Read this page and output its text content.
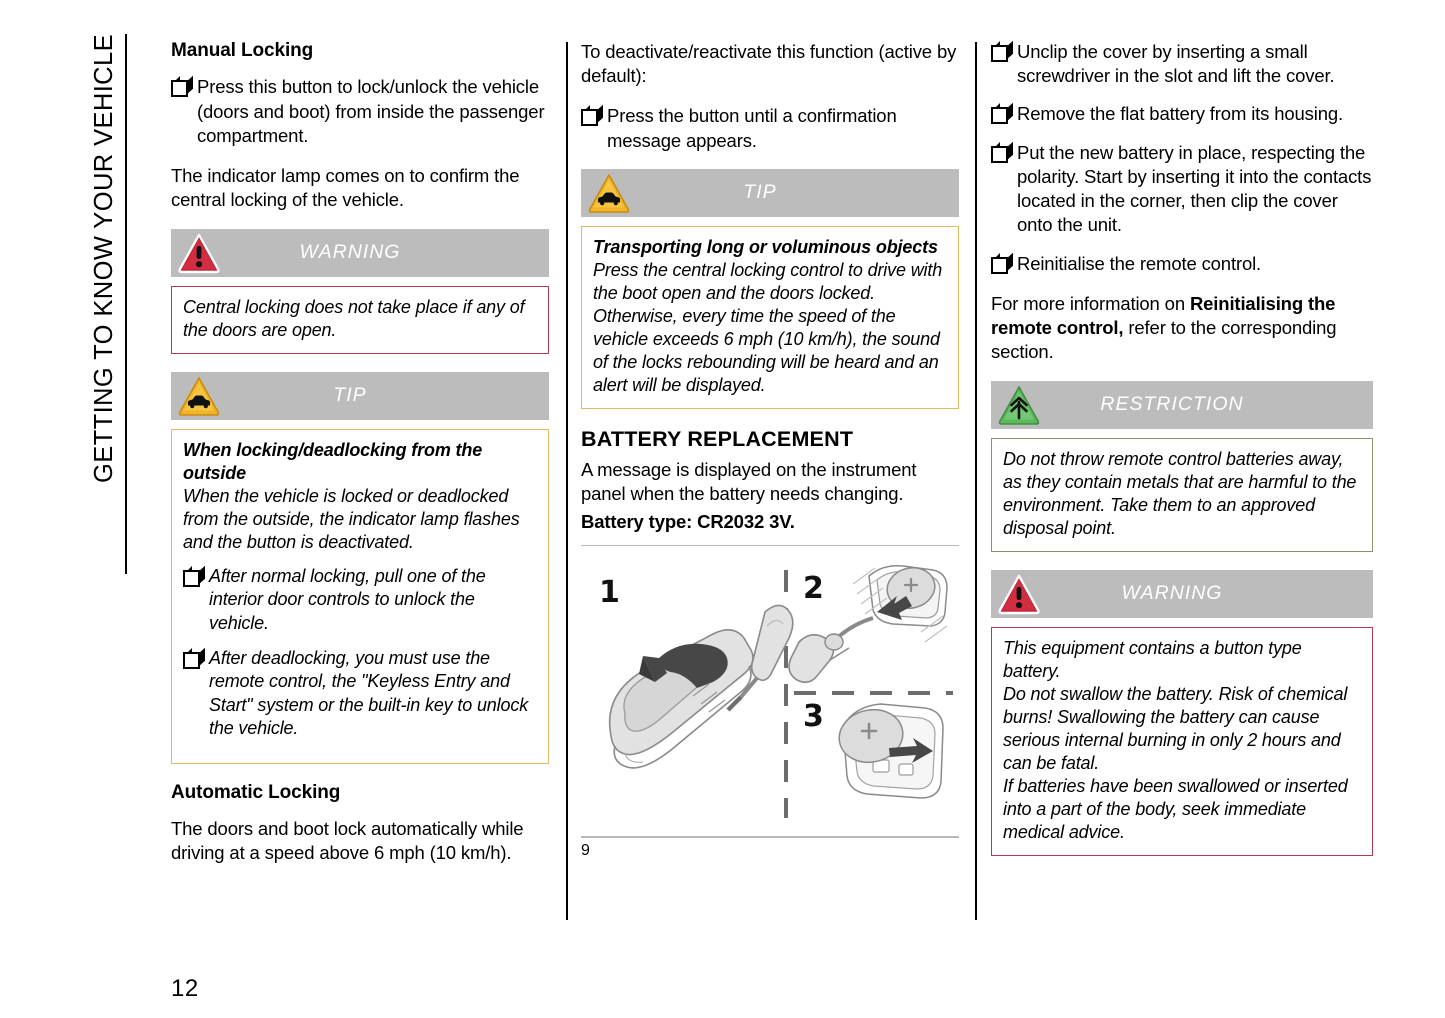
GETTING TO KNOW YOUR VEHICLE	Manual Locking
Press this button to lock/unlock the vehicle (doors and boot) from inside the passenger compartment.

The indicator lamp comes on to confirm the central locking of the vehicle.

WARNING

Central locking does not take place if any of the doors are open.

TIP

When locking/deadlocking from the outside

When the vehicle is locked or deadlocked from the outside, the indicator lamp flashes and the button is deactivated.

After normal locking, pull one of the interior door controls to unlock the vehicle.
After deadlocking, you must use the remote control, the "Keyless Entry and Start" system or the built-in key to unlock the vehicle.
Automatic Locking

The doors and boot lock automatically while driving at a speed above 6 mph (10 km/h).

To deactivate/reactivate this function (active by default):

Press the button until a confirmation message appears.
TIP

Transporting long or voluminous objects

Press the central locking control to drive with the boot open and the doors locked. Otherwise, every time the speed of the vehicle exceeds 6 mph (10 km/h), the sound of the locks rebounding will be heard and an alert will be displayed.

BATTERY REPLACEMENT

A message is displayed on the instrument panel when the battery needs changing.

Battery type: CR2032 3V.

1	2
3
9
Unclip the cover by inserting a small screwdriver in the slot and lift the cover.
Remove the flat battery from its housing.
Put the new battery in place, respecting the polarity. Start by inserting it into the contacts located in the corner, then clip the cover onto the unit.
Reinitialise the remote control.

For more information on Reinitialising the remote control, refer to the corresponding section.

RESTRICTION

Do not throw remote control batteries away, as they contain metals that are harmful to the environment. Take them to an approved disposal point.

WARNING

This equipment contains a button type battery.

Do not swallow the battery. Risk of chemical burns! Swallowing the battery can cause serious internal burning in only 2 hours and can be fatal.

If batteries have been swallowed or inserted into a part of the body, seek immediate medical advice.

12
